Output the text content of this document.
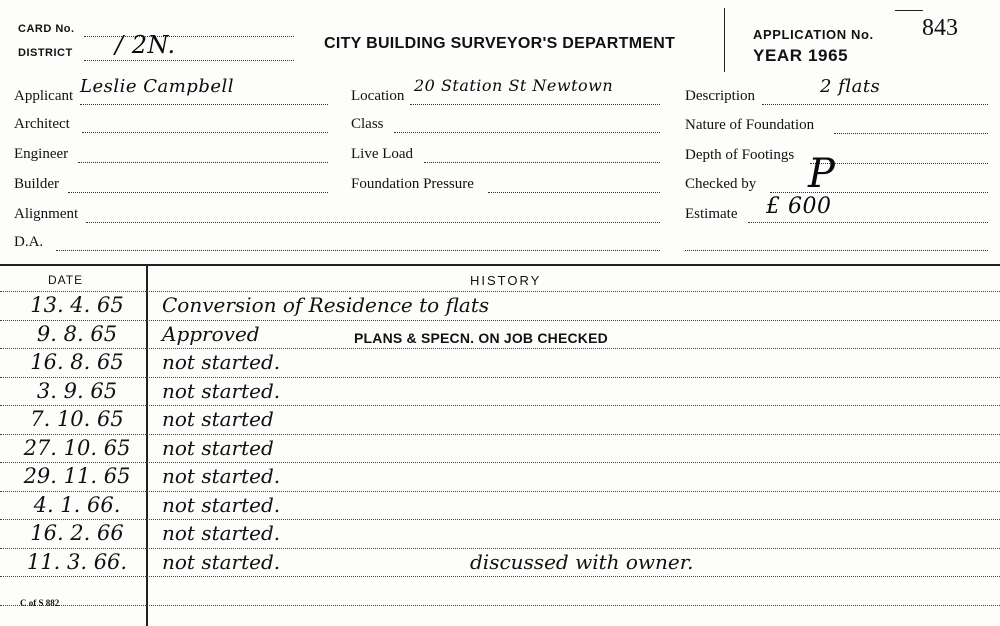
CARD No.
DISTRICT / 2N.	CITY BUILDING SURVEYOR'S DEPARTMENT
APPLICATION No. 843
YEAR 1965
Applicant Leslie Campbell
Architect
Engineer
Builder
Alignment
D.A.
Location
20 Station St Newtown
Class
Live Load
Foundation Pressure
Description	2 flats
Nature of Foundation
Depth of Footings
Checked by P
Estimate £ 600
DATE	HISTORY
13. 4. 65	Conversion of Residence to flats
9. 8. 65	Approved	PLANS & SPECN. ON JOB CHECKED
16. 8. 65	not started.
3. 9. 65	not started.
7. 10. 65	not started
27. 10. 65	not started
29. 11. 65	not started.
4. 1. 66.	not started.
16. 2. 66	not started.
11. 3. 66.	not started.	discussed with owner.
C of S 882
